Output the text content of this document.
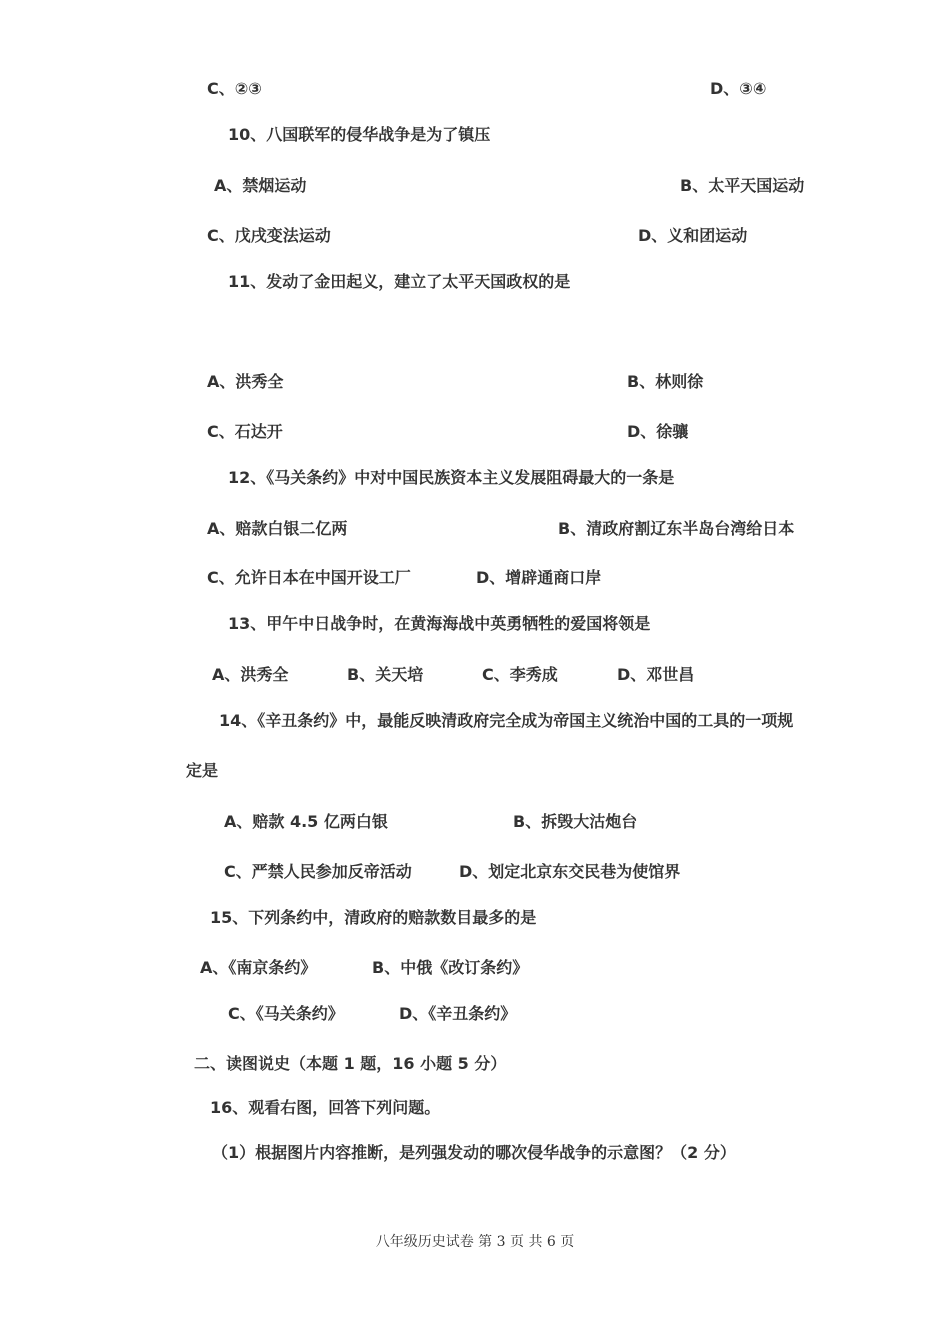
C、②③	D、③④
10、八国联军的侵华战争是为了镇压
A、禁烟运动	B、太平天国运动
C、戊戌变法运动	D、义和团运动
11、发动了金田起义，建立了太平天国政权的是
A、洪秀全	B、林则徐
C、石达开	D、徐骧
12、《马关条约》中对中国民族资本主义发展阻碍最大的一条是
A、赔款白银二亿两	B、清政府割辽东半岛台湾给日本
C、允许日本在中国开设工厂	D、增辟通商口岸
13、甲午中日战争时，在黄海海战中英勇牺牲的爱国将领是
A、洪秀全	B、关天培	C、李秀成	D、邓世昌
14、《辛丑条约》中，最能反映清政府完全成为帝国主义统治中国的工具的一项规
定是
A、赔款 4.5 亿两白银	B、拆毁大沽炮台
C、严禁人民参加反帝活动	D、划定北京东交民巷为使馆界
15、下列条约中，清政府的赔款数目最多的是
A、《南京条约》	B、中俄《改订条约》
C、《马关条约》	D、《辛丑条约》
二、读图说史（本题 1 题，16 小题 5 分）
16、观看右图，回答下列问题。
（1）根据图片内容推断，是列强发动的哪次侵华战争的示意图？（2 分）
八年级历史试卷 第 3 页 共 6 页
